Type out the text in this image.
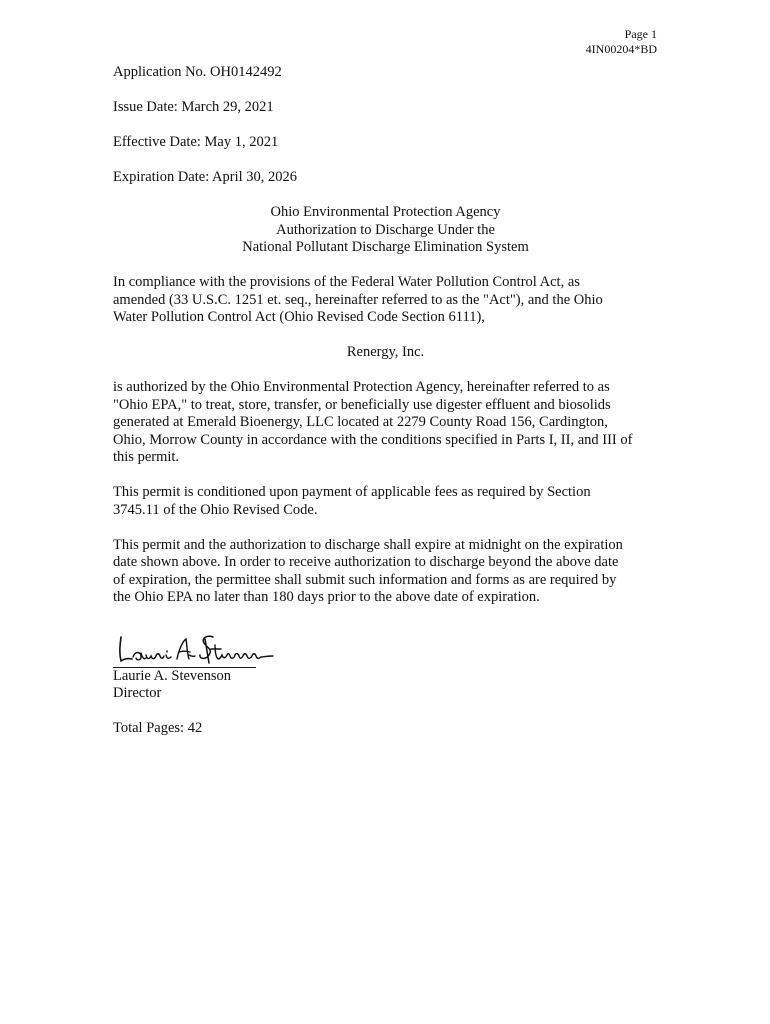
Page 1
4IN00204*BD

Application No. OH0142492

Issue Date: March 29, 2021

Effective Date: May 1, 2021

Expiration Date: April 30, 2026

Ohio Environmental Protection Agency
Authorization to Discharge Under the
National Pollutant Discharge Elimination System
In compliance with the provisions of the Federal Water Pollution Control Act, as
amended (33 U.S.C. 1251 et. seq., hereinafter referred to as the "Act"), and the Ohio
Water Pollution Control Act (Ohio Revised Code Section 6111),

Renergy, Inc.

is authorized by the Ohio Environmental Protection Agency, hereinafter referred to as
"Ohio EPA," to treat, store, transfer, or beneficially use digester effluent and biosolids
generated at Emerald Bioenergy, LLC located at 2279 County Road 156, Cardington,
Ohio, Morrow County in accordance with the conditions specified in Parts I, II, and III of
this permit.
This permit is conditioned upon payment of applicable fees as required by Section
3745.11 of the Ohio Revised Code.
This permit and the authorization to discharge shall expire at midnight on the expiration
date shown above. In order to receive authorization to discharge beyond the above date
of expiration, the permittee shall submit such information and forms as are required by
the Ohio EPA no later than 180 days prior to the above date of expiration.
Laurie A. Stevenson
Director

Total Pages: 42
